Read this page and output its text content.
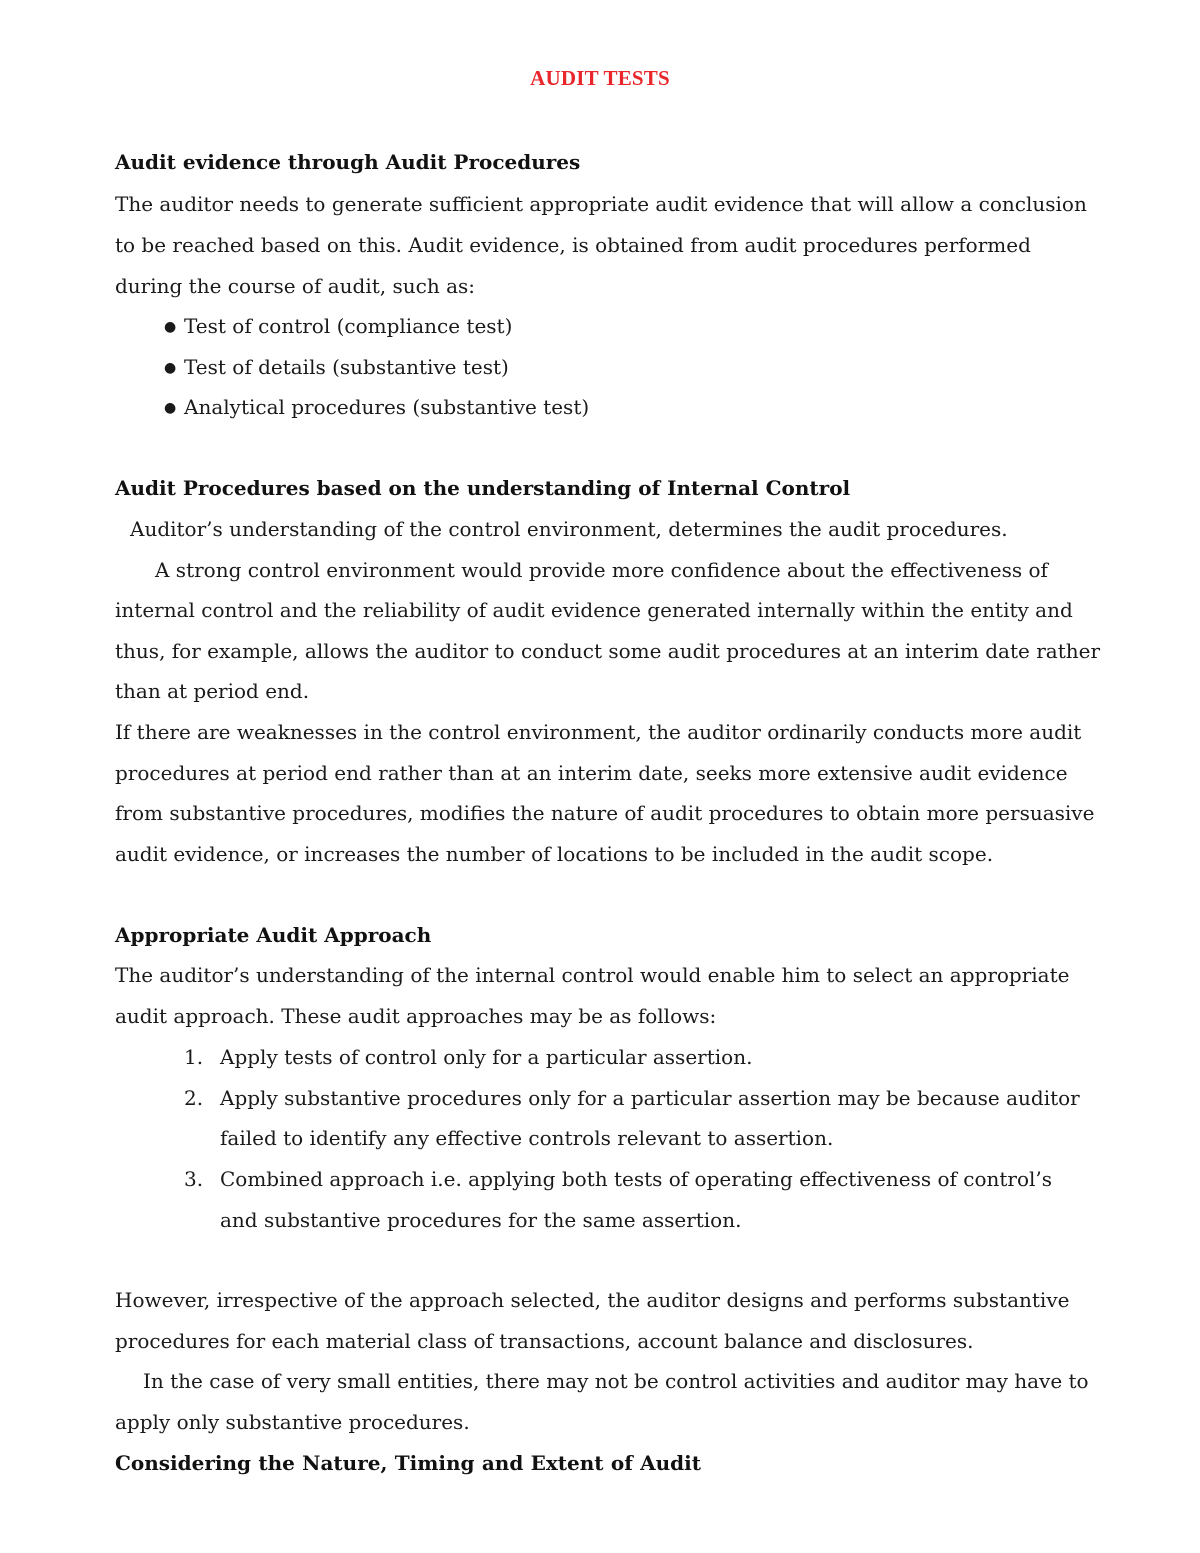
AUDIT TESTS
Audit evidence through Audit Procedures
The auditor needs to generate sufficient appropriate audit evidence that will allow a conclusion
to be reached based on this. Audit evidence, is obtained from audit procedures performed
during the course of audit, such as:
● Test of control (compliance test)
● Test of details (substantive test)
● Analytical procedures (substantive test)
Audit Procedures based on the understanding of Internal Control
Auditor’s understanding of the control environment, determines the audit procedures.
A strong control environment would provide more confidence about the effectiveness of
internal control and the reliability of audit evidence generated internally within the entity and
thus, for example, allows the auditor to conduct some audit procedures at an interim date rather
than at period end.
If there are weaknesses in the control environment, the auditor ordinarily conducts more audit
procedures at period end rather than at an interim date, seeks more extensive audit evidence
from substantive procedures, modifies the nature of audit procedures to obtain more persuasive
audit evidence, or increases the number of locations to be included in the audit scope.
Appropriate Audit Approach
The auditor’s understanding of the internal control would enable him to select an appropriate
audit approach. These audit approaches may be as follows:
1. Apply tests of control only for a particular assertion.
2. Apply substantive procedures only for a particular assertion may be because auditor
failed to identify any effective controls relevant to assertion.
3. Combined approach i.e. applying both tests of operating effectiveness of control’s
and substantive procedures for the same assertion.
However, irrespective of the approach selected, the auditor designs and performs substantive
procedures for each material class of transactions, account balance and disclosures.
In the case of very small entities, there may not be control activities and auditor may have to
apply only substantive procedures.
Considering the Nature, Timing and Extent of Audit
